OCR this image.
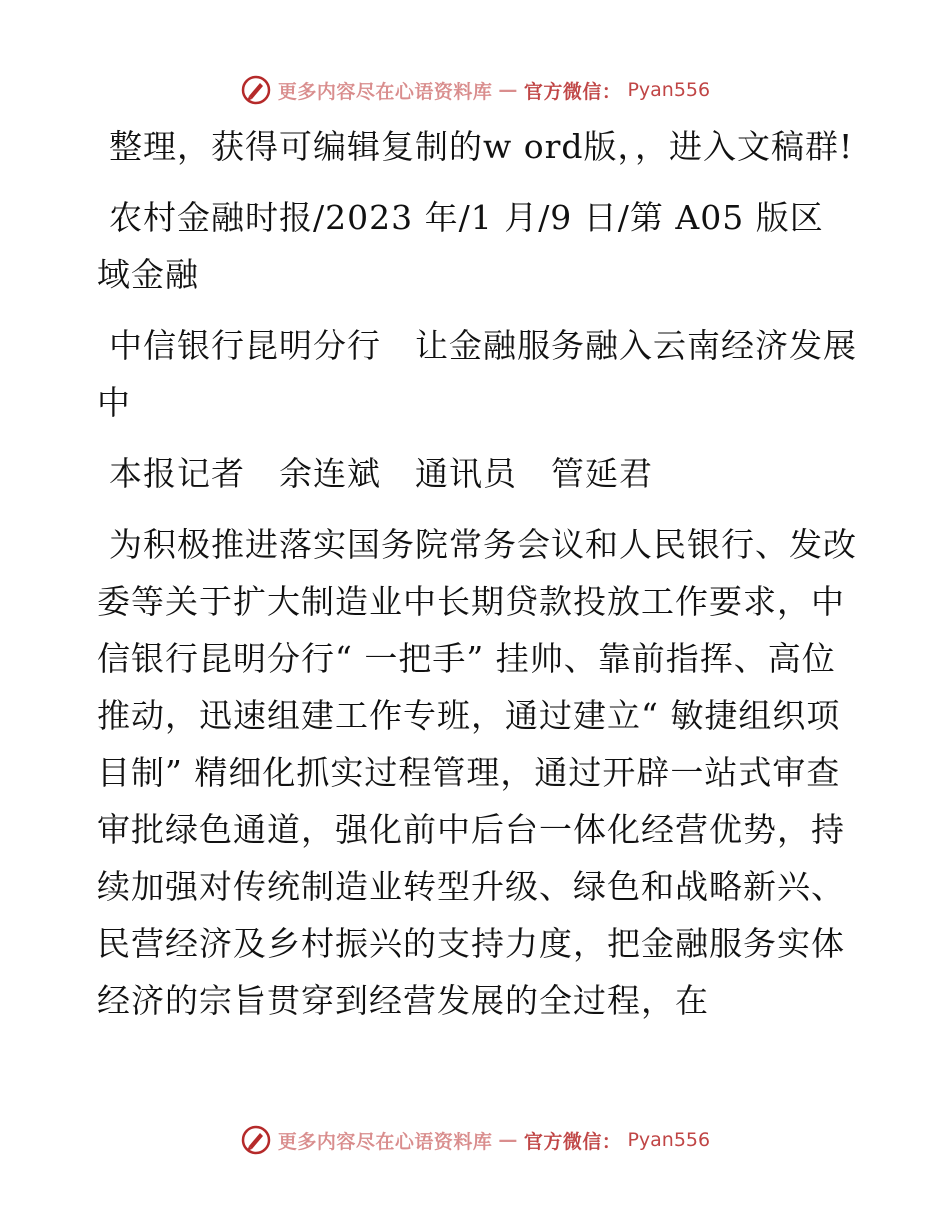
更多内容尽在心语资料库 — 官方微信： Pyan556

整理，获得可编辑复制的w ord版，，进入文稿群!

农村金融时报/2023 年/1 月/9 日/第 A05 版区域金融

中信银行昆明分行　让金融服务融入云南经济发展中

本报记者　余连斌　通讯员　管延君

为积极推进落实国务院常务会议和人民银行、发改委等关于扩大制造业中长期贷款投放工作要求，中信银行昆明分行“ 一把手” 挂帅、靠前指挥、高位推动，迅速组建工作专班，通过建立“ 敏捷组织项目制” 精细化抓实过程管理，通过开辟一站式审查审批绿色通道，强化前中后台一体化经营优势，持续加强对传统制造业转型升级、绿色和战略新兴、民营经济及乡村振兴的支持力度，把金融服务实体经济的宗旨贯穿到经营发展的全过程，在

更多内容尽在心语资料库 — 官方微信： Pyan556
